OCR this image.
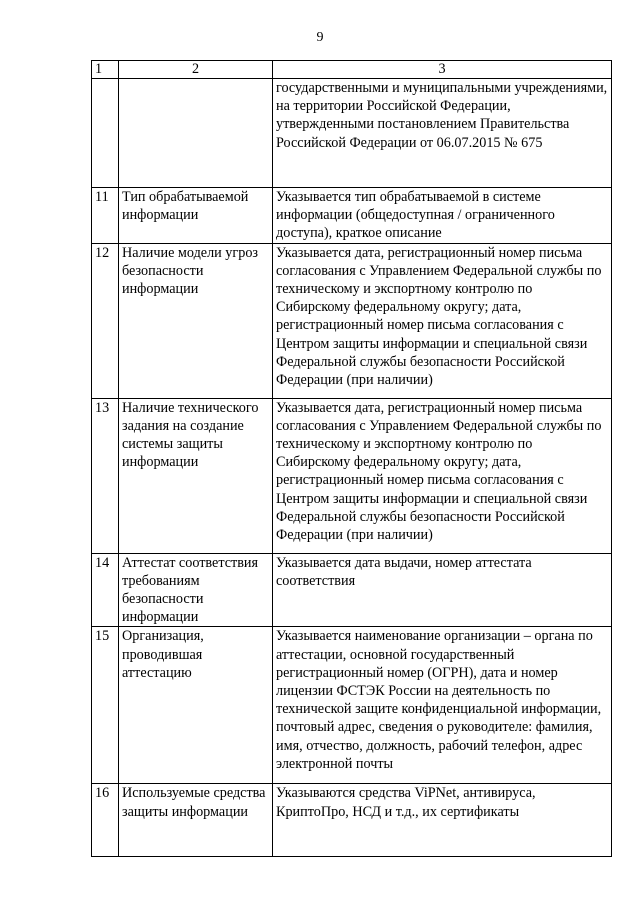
9
1	2	3
		государственными и муниципальными учреждениями, на территории Российской Федерации, утвержденными постановлением Правительства Российской Федерации от 06.07.2015 № 675
11	Тип обрабатываемой информации	Указывается тип обрабатываемой в системе информации (общедоступная / ограниченного доступа), краткое описание
12	Наличие модели угроз безопасности информации	Указывается дата, регистрационный номер письма согласования с Управлением Федеральной службы по техническому и экспортному контролю по Сибирскому федеральному округу; дата, регистрационный номер письма согласования с Центром защиты информации и специальной связи Федеральной службы безопасности Российской Федерации (при наличии)
13	Наличие технического задания на создание системы защиты информации	Указывается дата, регистрационный номер письма согласования с Управлением Федеральной службы по техническому и экспортному контролю по Сибирскому федеральному округу; дата, регистрационный номер письма согласования с Центром защиты информации и специальной связи Федеральной службы безопасности Российской Федерации (при наличии)
14	Аттестат соответствия требованиям безопасности информации	Указывается дата выдачи, номер аттестата соответствия
15	Организация, проводившая аттестацию	Указывается наименование организации – органа по аттестации, основной государственный регистрационный номер (ОГРН), дата и номер лицензии ФСТЭК России на деятельность по технической защите конфиденциальной информации, почтовый адрес, сведения о руководителе: фамилия, имя, отчество, должность, рабочий телефон, адрес электронной почты
16	Используемые средства защиты информации	Указываются средства ViPNet, антивируса, КриптоПро, НСД и т.д., их сертификаты
